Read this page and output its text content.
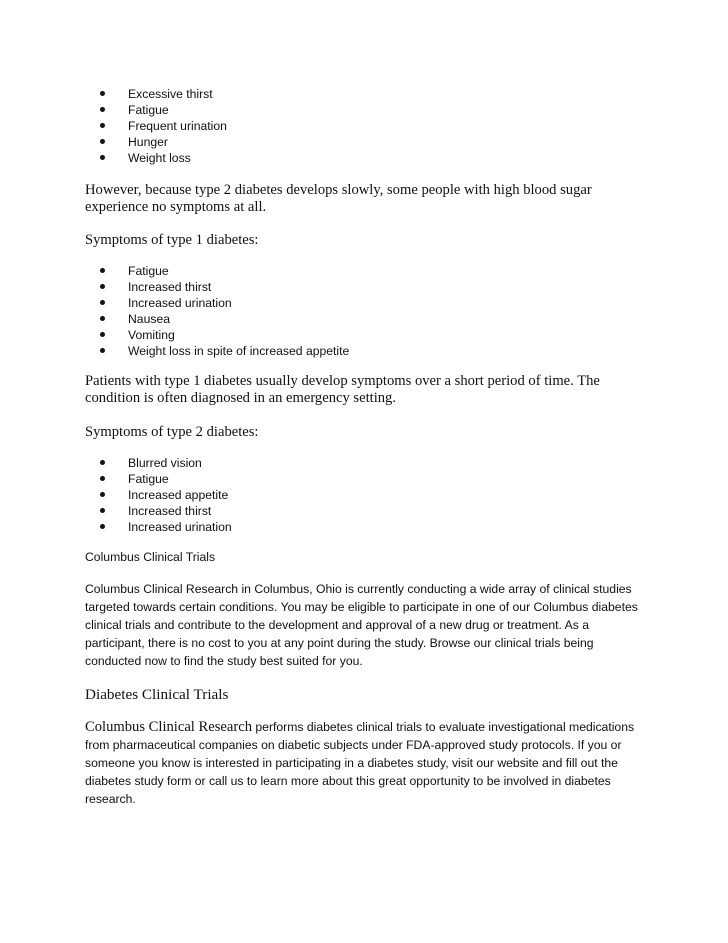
Excessive thirst
Fatigue
Frequent urination
Hunger
Weight loss

However, because type 2 diabetes develops slowly, some people with high blood sugar experience no symptoms at all.

Symptoms of type 1 diabetes:

Fatigue
Increased thirst
Increased urination
Nausea
Vomiting
Weight loss in spite of increased appetite

Patients with type 1 diabetes usually develop symptoms over a short period of time. The condition is often diagnosed in an emergency setting.

Symptoms of type 2 diabetes:

Blurred vision
Fatigue
Increased appetite
Increased thirst
Increased urination

Columbus Clinical Trials

Columbus Clinical Research in Columbus, Ohio is currently conducting a wide array of clinical studies targeted towards certain conditions. You may be eligible to participate in one of our Columbus diabetes clinical trials and contribute to the development and approval of a new drug or treatment. As a participant, there is no cost to you at any point during the study. Browse our clinical trials being conducted now to find the study best suited for you.

Diabetes Clinical Trials

Columbus Clinical Research performs diabetes clinical trials to evaluate investigational medications from pharmaceutical companies on diabetic subjects under FDA-approved study protocols. If you or someone you know is interested in participating in a diabetes study, visit our website and fill out the diabetes study form or call us to learn more about this great opportunity to be involved in diabetes research.
